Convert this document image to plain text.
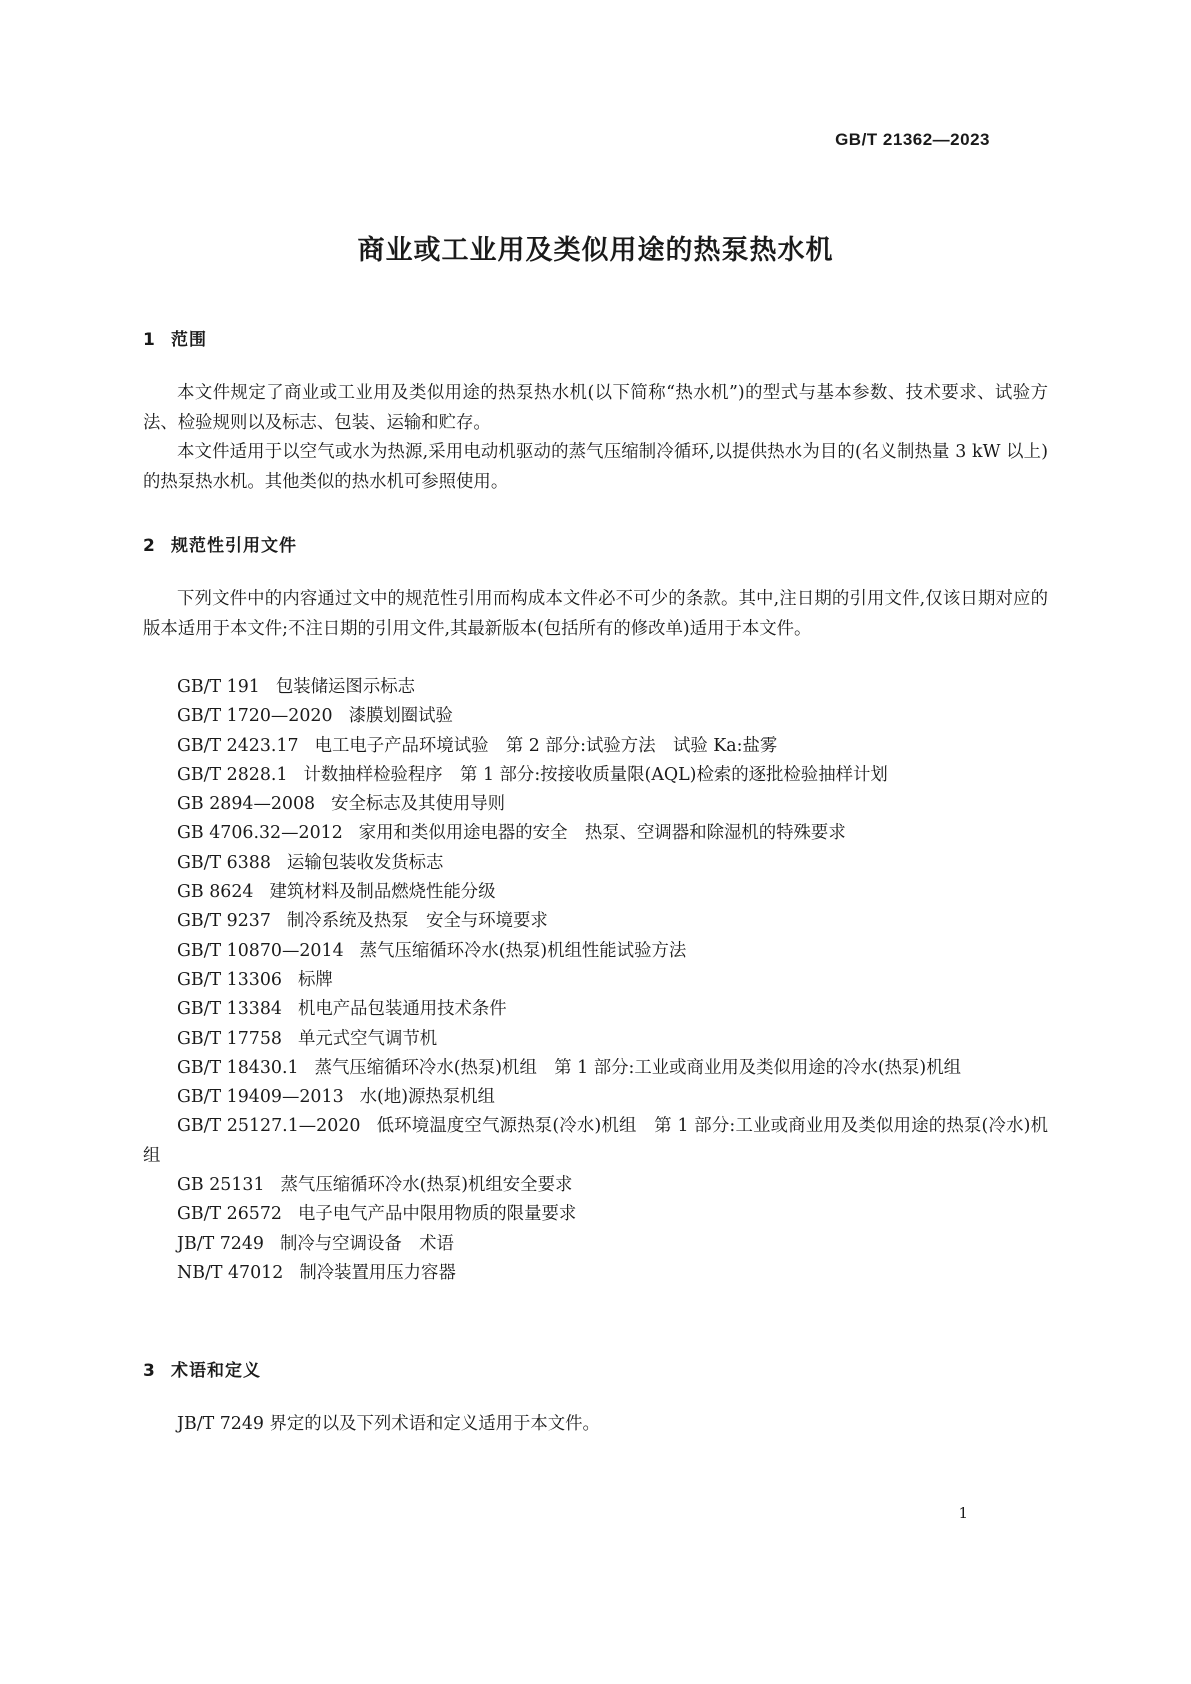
GB/T 21362—2023
商业或工业用及类似用途的热泵热水机
1 范围

本文件规定了商业或工业用及类似用途的热泵热水机(以下简称“热水机”)的型式与基本参数、技术要求、试验方法、检验规则以及标志、包装、运输和贮存。

本文件适用于以空气或水为热源,采用电动机驱动的蒸气压缩制冷循环,以提供热水为目的(名义制热量 3 kW 以上)的热泵热水机。其他类似的热水机可参照使用。

2 规范性引用文件

下列文件中的内容通过文中的规范性引用而构成本文件必不可少的条款。其中,注日期的引用文件,仅该日期对应的版本适用于本文件;不注日期的引用文件,其最新版本(包括所有的修改单)适用于本文件。

GB/T 191 包装储运图示标志
GB/T 1720—2020 漆膜划圈试验
GB/T 2423.17 电工电子产品环境试验　第 2 部分:试验方法　试验 Ka:盐雾
GB/T 2828.1 计数抽样检验程序　第 1 部分:按接收质量限(AQL)检索的逐批检验抽样计划
GB 2894—2008 安全标志及其使用导则
GB 4706.32—2012 家用和类似用途电器的安全　热泵、空调器和除湿机的特殊要求
GB/T 6388 运输包装收发货标志
GB 8624 建筑材料及制品燃烧性能分级
GB/T 9237 制冷系统及热泵　安全与环境要求
GB/T 10870—2014 蒸气压缩循环冷水(热泵)机组性能试验方法
GB/T 13306 标牌
GB/T 13384 机电产品包装通用技术条件
GB/T 17758 单元式空气调节机
GB/T 18430.1 蒸气压缩循环冷水(热泵)机组　第 1 部分:工业或商业用及类似用途的冷水(热泵)机组
GB/T 19409—2013 水(地)源热泵机组
GB/T 25127.1—2020 低环境温度空气源热泵(冷水)机组　第 1 部分:工业或商业用及类似用途的热泵(冷水)机组
GB 25131 蒸气压缩循环冷水(热泵)机组安全要求
GB/T 26572 电子电气产品中限用物质的限量要求
JB/T 7249 制冷与空调设备　术语
NB/T 47012 制冷装置用压力容器
3 术语和定义

JB/T 7249 界定的以及下列术语和定义适用于本文件。

1
